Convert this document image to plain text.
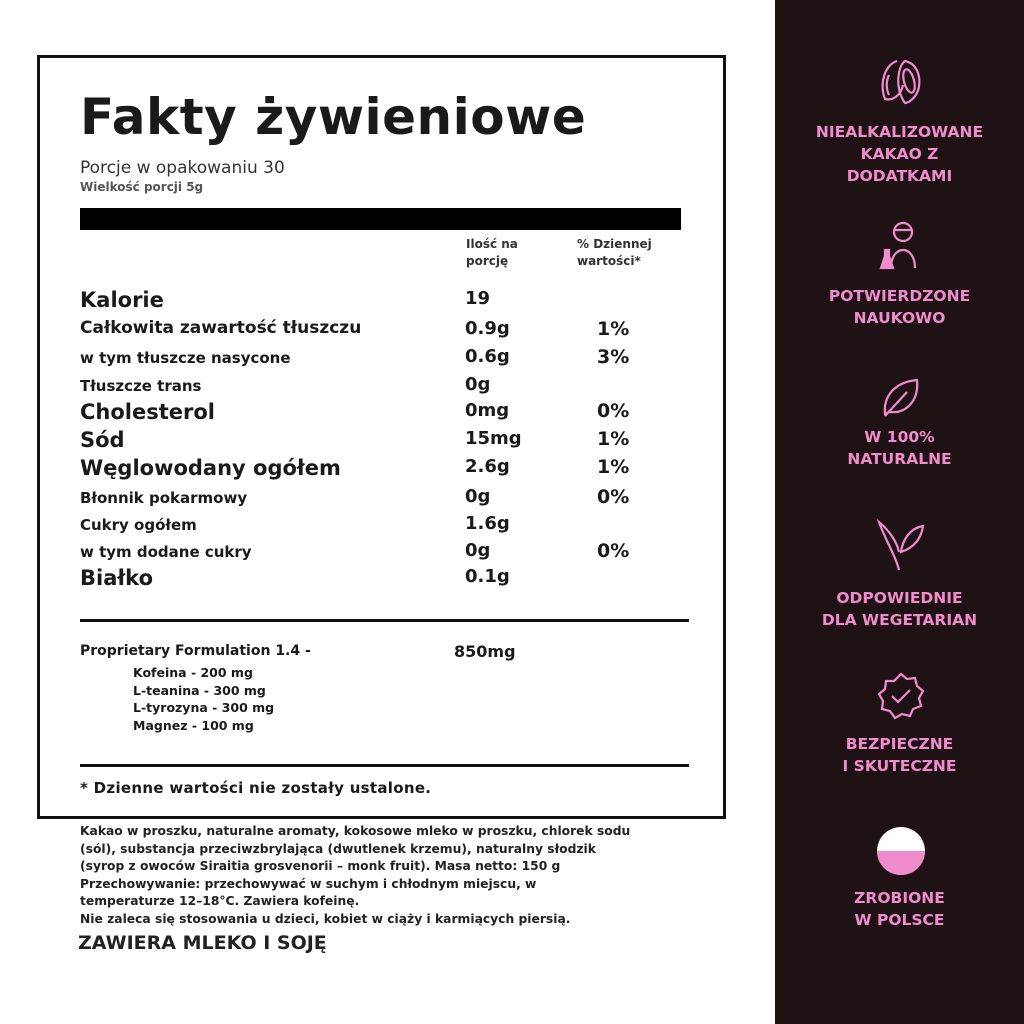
Fakty żywieniowe
Porcje w opakowaniu 30
Wielkość porcji 5g
Ilość na
porcję
% Dziennej
wartości*
Kalorie	19
Całkowita zawartość tłuszczu	0.9g	1%
w tym tłuszcze nasycone	0.6g	3%
Tłuszcze trans	0g
Cholesterol	0mg	0%
Sód	15mg	1%
Węglowodany ogółem	2.6g	1%
Błonnik pokarmowy	0g	0%
Cukry ogółem	1.6g
w tym dodane cukry	0g	0%
Białko	0.1g
Proprietary Formulation 1.4 -	850mg
Kofeina - 200 mg
L-teanina - 300 mg
L-tyrozyna - 300 mg
Magnez - 100 mg
* Dzienne wartości nie zostały ustalone.
Kakao w proszku, naturalne aromaty, kokosowe mleko w proszku, chlorek sodu
(sól), substancja przeciwzbrylająca (dwutlenek krzemu), naturalny słodzik
(syrop z owoców Siraitia grosvenorii – monk fruit). Masa netto: 150 g
Przechowywanie: przechowywać w suchym i chłodnym miejscu, w
temperaturze 12–18°C. Zawiera kofeinę.
Nie zaleca się stosowania u dzieci, kobiet w ciąży i karmiących piersią.
ZAWIERA MLEKO I SOJĘ
NIEALKALIZOWANE
KAKAO Z
DODATKAMI
POTWIERDZONE
NAUKOWO
W 100%
NATURALNE
ODPOWIEDNIE
DLA WEGETARIAN
BEZPIECZNE
I SKUTECZNE
ZROBIONE
W POLSCE
